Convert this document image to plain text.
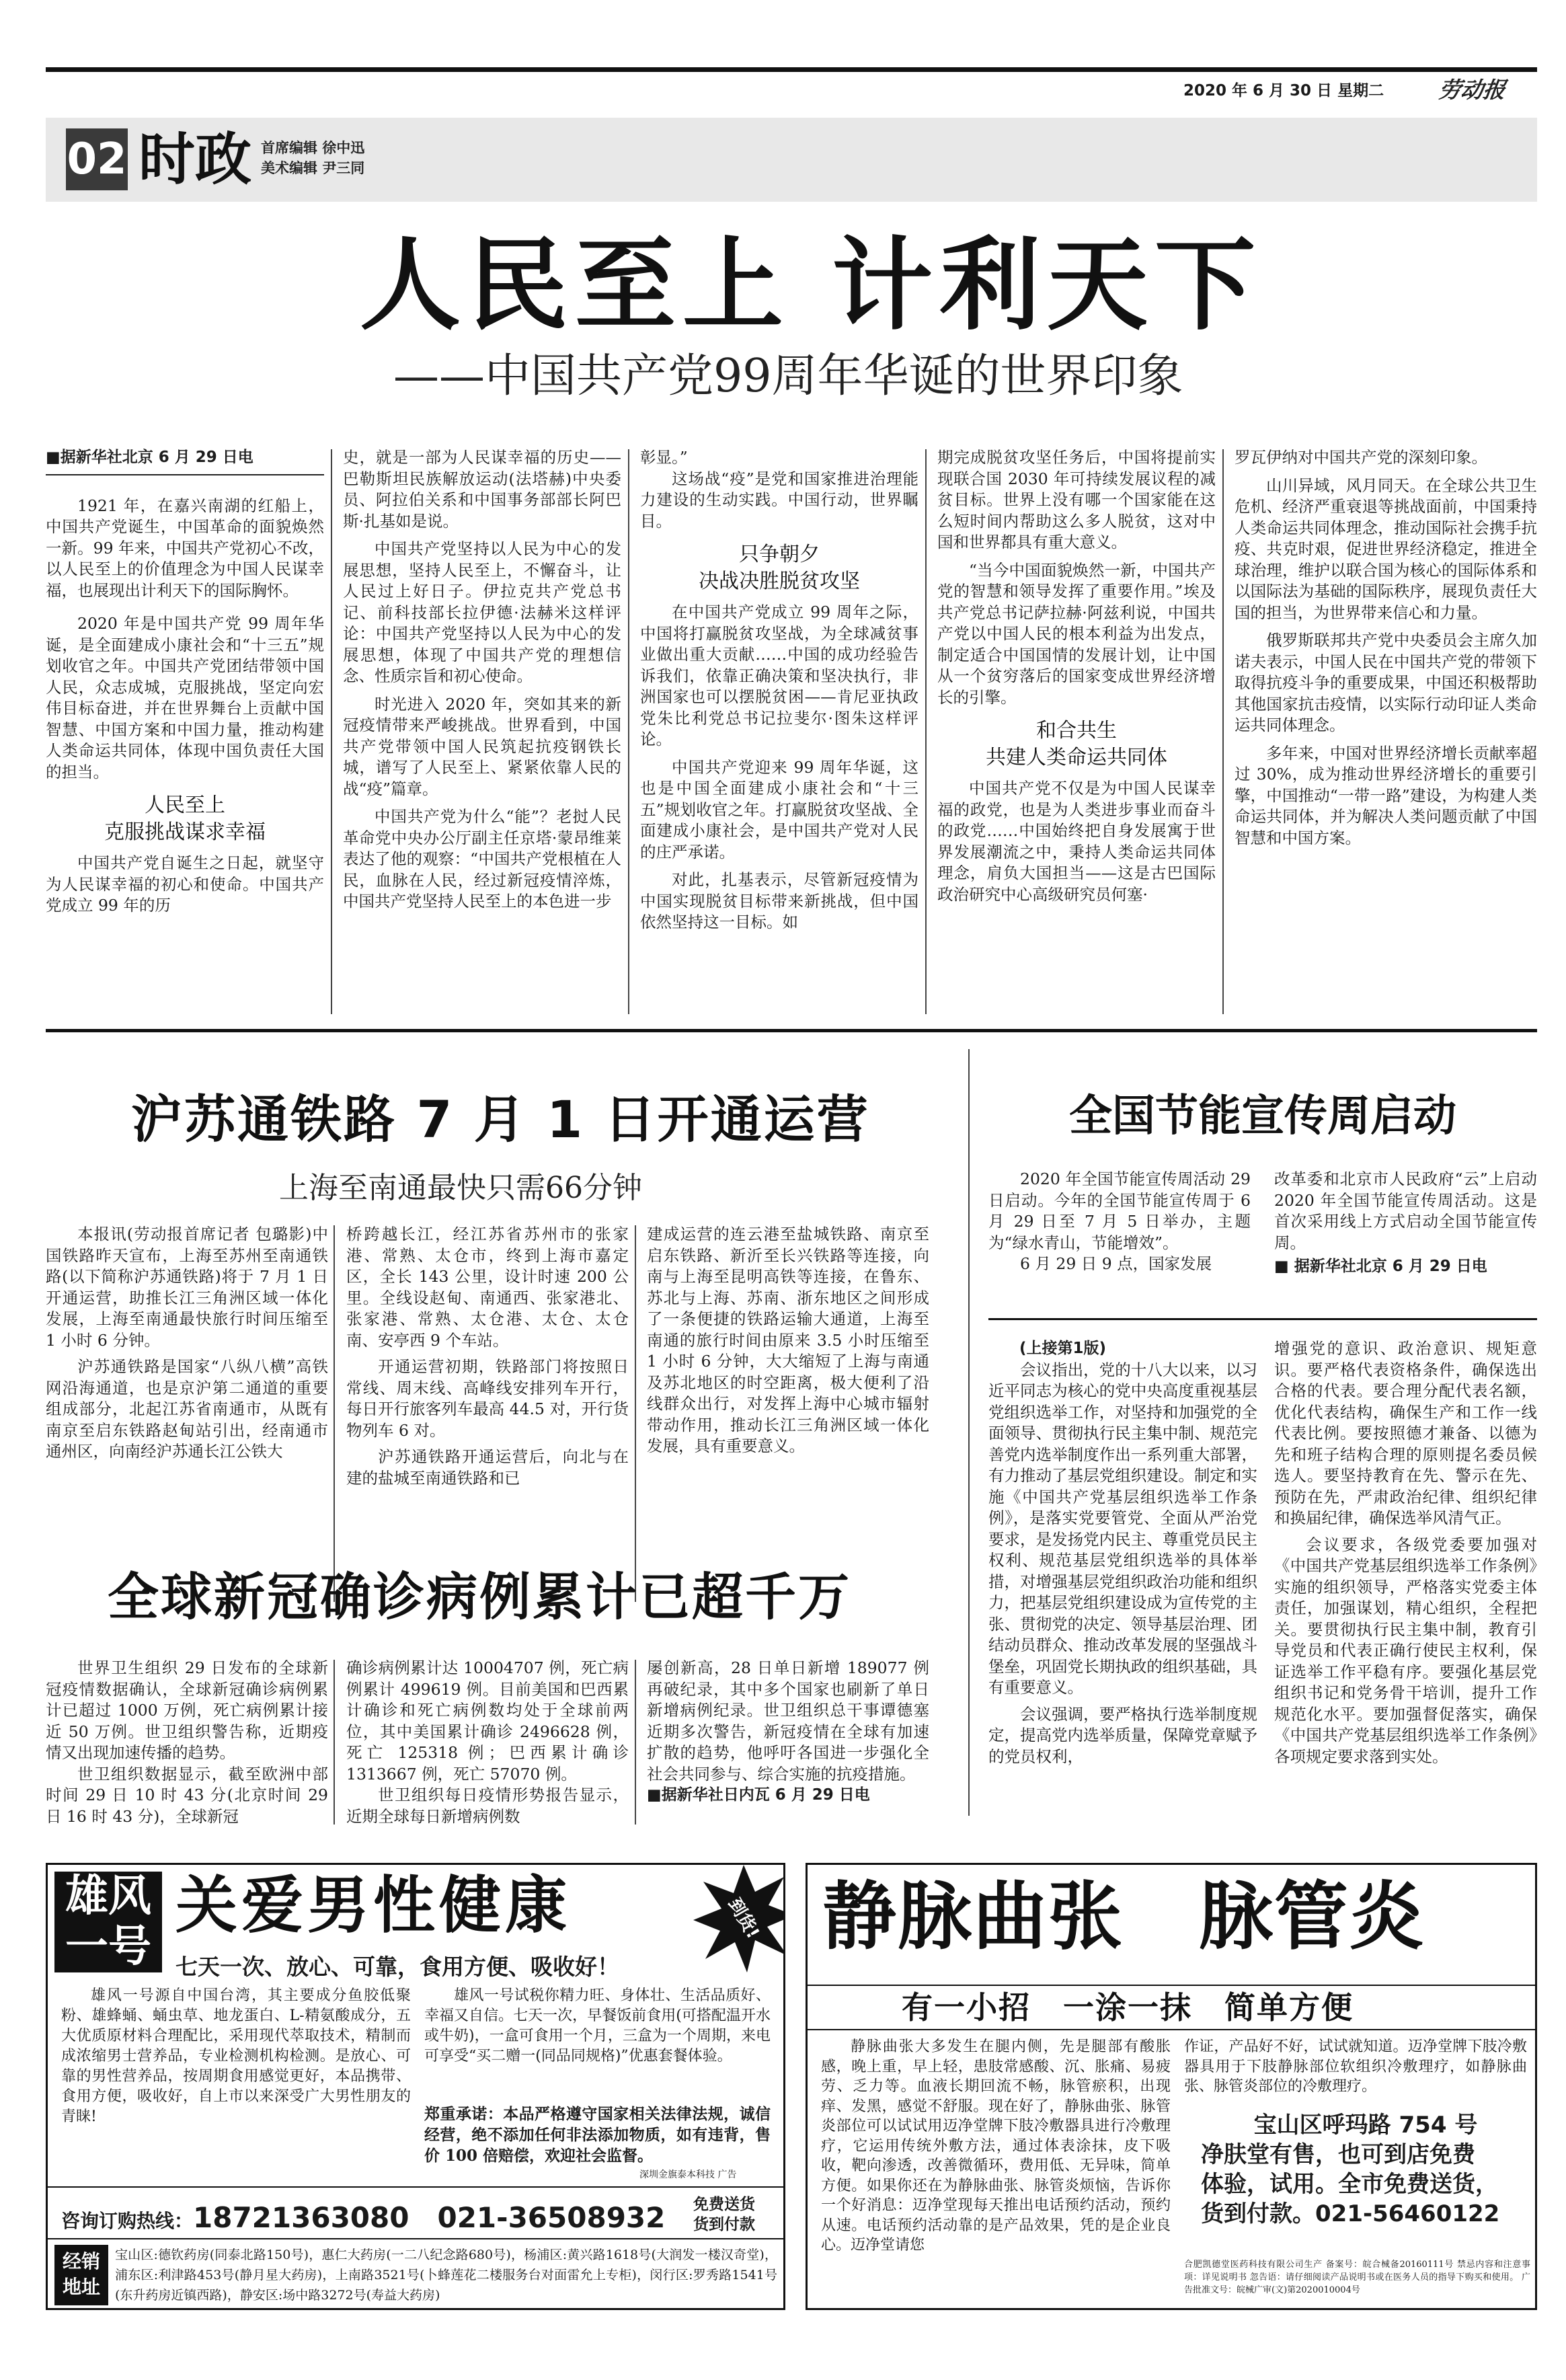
2020 年 6 月 30 日 星期二 劳动报
02 时政 首席编辑 徐中迅
美术编辑 尹三同
人民至上 计利天下
——中国共产党99周年华诞的世界印象
■据新华社北京 6 月 29 日电

1921 年，在嘉兴南湖的红船上，中国共产党诞生，中国革命的面貌焕然一新。99 年来，中国共产党初心不改，以人民至上的价值理念为中国人民谋幸福，也展现出计利天下的国际胸怀。

2020 年是中国共产党 99 周年华诞，是全面建成小康社会和“十三五”规划收官之年。中国共产党团结带领中国人民，众志成城，克服挑战，坚定向宏伟目标奋进，并在世界舞台上贡献中国智慧、中国方案和中国力量，推动构建人类命运共同体，体现中国负责任大国的担当。

人民至上
克服挑战谋求幸福

中国共产党自诞生之日起，就坚守为人民谋幸福的初心和使命。中国共产党成立 99 年的历

史，就是一部为人民谋幸福的历史——巴勒斯坦民族解放运动(法塔赫)中央委员、阿拉伯关系和中国事务部部长阿巴斯·扎基如是说。

中国共产党坚持以人民为中心的发展思想，坚持人民至上，不懈奋斗，让人民过上好日子。伊拉克共产党总书记、前科技部长拉伊德·法赫米这样评论：中国共产党坚持以人民为中心的发展思想，体现了中国共产党的理想信念、性质宗旨和初心使命。

时光进入 2020 年，突如其来的新冠疫情带来严峻挑战。世界看到，中国共产党带领中国人民筑起抗疫钢铁长城，谱写了人民至上、紧紧依靠人民的战“疫”篇章。

中国共产党为什么“能”？老挝人民革命党中央办公厅副主任京塔·蒙昂维莱表达了他的观察：“中国共产党根植在人民，血脉在人民，经过新冠疫情淬炼，中国共产党坚持人民至上的本色进一步

彰显。”

这场战“疫”是党和国家推进治理能力建设的生动实践。中国行动，世界瞩目。

只争朝夕
决战决胜脱贫攻坚

在中国共产党成立 99 周年之际，中国将打赢脱贫攻坚战，为全球减贫事业做出重大贡献……中国的成功经验告诉我们，依靠正确决策和坚决执行，非洲国家也可以摆脱贫困——肯尼亚执政党朱比利党总书记拉斐尔·图朱这样评论。

中国共产党迎来 99 周年华诞，这也是中国全面建成小康社会和“十三五”规划收官之年。打赢脱贫攻坚战、全面建成小康社会，是中国共产党对人民的庄严承诺。

对此，扎基表示，尽管新冠疫情为中国实现脱贫目标带来新挑战，但中国依然坚持这一目标。如

期完成脱贫攻坚任务后，中国将提前实现联合国 2030 年可持续发展议程的减贫目标。世界上没有哪一个国家能在这么短时间内帮助这么多人脱贫，这对中国和世界都具有重大意义。

“当今中国面貌焕然一新，中国共产党的智慧和领导发挥了重要作用。”埃及共产党总书记萨拉赫·阿兹利说，中国共产党以中国人民的根本利益为出发点，制定适合中国国情的发展计划，让中国从一个贫穷落后的国家变成世界经济增长的引擎。

和合共生
共建人类命运共同体

中国共产党不仅是为中国人民谋幸福的政党，也是为人类进步事业而奋斗的政党……中国始终把自身发展寓于世界发展潮流之中，秉持人类命运共同体理念，肩负大国担当——这是古巴国际政治研究中心高级研究员何塞·

罗瓦伊纳对中国共产党的深刻印象。

山川异域，风月同天。在全球公共卫生危机、经济严重衰退等挑战面前，中国秉持人类命运共同体理念，推动国际社会携手抗疫、共克时艰，促进世界经济稳定，推进全球治理，维护以联合国为核心的国际体系和以国际法为基础的国际秩序，展现负责任大国的担当，为世界带来信心和力量。

俄罗斯联邦共产党中央委员会主席久加诺夫表示，中国人民在中国共产党的带领下取得抗疫斗争的重要成果，中国还积极帮助其他国家抗击疫情，以实际行动印证人类命运共同体理念。

多年来，中国对世界经济增长贡献率超过 30%，成为推动世界经济增长的重要引擎，中国推动“一带一路”建设，为构建人类命运共同体，并为解决人类问题贡献了中国智慧和中国方案。

沪苏通铁路 7 月 1 日开通运营
上海至南通最快只需66分钟

本报讯(劳动报首席记者 包璐影)中国铁路昨天宣布，上海至苏州至南通铁路(以下简称沪苏通铁路)将于 7 月 1 日开通运营，助推长江三角洲区域一体化发展，上海至南通最快旅行时间压缩至 1 小时 6 分钟。

沪苏通铁路是国家“八纵八横”高铁网沿海通道，也是京沪第二通道的重要组成部分，北起江苏省南通市，从既有南京至启东铁路赵甸站引出，经南通市通州区，向南经沪苏通长江公铁大

桥跨越长江，经江苏省苏州市的张家港、常熟、太仓市，终到上海市嘉定区，全长 143 公里，设计时速 200 公里。全线设赵甸、南通西、张家港北、张家港、常熟、太仓港、太仓、太仓南、安亭西 9 个车站。

开通运营初期，铁路部门将按照日常线、周末线、高峰线安排列车开行，每日开行旅客列车最高 44.5 对，开行货物列车 6 对。

沪苏通铁路开通运营后，向北与在建的盐城至南通铁路和已

建成运营的连云港至盐城铁路、南京至启东铁路、新沂至长兴铁路等连接，向南与上海至昆明高铁等连接，在鲁东、苏北与上海、苏南、浙东地区之间形成了一条便捷的铁路运输大通道，上海至南通的旅行时间由原来 3.5 小时压缩至 1 小时 6 分钟，大大缩短了上海与南通及苏北地区的时空距离，极大便利了沿线群众出行，对发挥上海中心城市辐射带动作用，推动长江三角洲区域一体化发展，具有重要意义。

全国节能宣传周启动

2020 年全国节能宣传周活动 29 日启动。今年的全国节能宣传周于 6 月 29 日至 7 月 5 日举办，主题为“绿水青山，节能增效”。

6 月 29 日 9 点，国家发展

改革委和北京市人民政府“云”上启动 2020 年全国节能宣传周活动。这是首次采用线上方式启动全国节能宣传周。

■ 据新华社北京 6 月 29 日电
(上接第1版)

会议指出，党的十八大以来，以习近平同志为核心的党中央高度重视基层党组织选举工作，对坚持和加强党的全面领导、贯彻执行民主集中制、规范完善党内选举制度作出一系列重大部署，有力推动了基层党组织建设。制定和实施《中国共产党基层组织选举工作条例》，是落实党要管党、全面从严治党要求，是发扬党内民主、尊重党员民主权利、规范基层党组织选举的具体举措，对增强基层党组织政治功能和组织力，把基层党组织建设成为宣传党的主张、贯彻党的决定、领导基层治理、团结动员群众、推动改革发展的坚强战斗堡垒，巩固党长期执政的组织基础，具有重要意义。

会议强调，要严格执行选举制度规定，提高党内选举质量，保障党章赋予的党员权利，

增强党的意识、政治意识、规矩意识。要严格代表资格条件，确保选出合格的代表。要合理分配代表名额，优化代表结构，确保生产和工作一线代表比例。要按照德才兼备、以德为先和班子结构合理的原则提名委员候选人。要坚持教育在先、警示在先、预防在先，严肃政治纪律、组织纪律和换届纪律，确保选举风清气正。

会议要求，各级党委要加强对《中国共产党基层组织选举工作条例》实施的组织领导，严格落实党委主体责任，加强谋划，精心组织，全程把关。要贯彻执行民主集中制，教育引导党员和代表正确行使民主权利，保证选举工作平稳有序。要强化基层党组织书记和党务骨干培训，提升工作规范化水平。要加强督促落实，确保《中国共产党基层组织选举工作条例》各项规定要求落到实处。

全球新冠确诊病例累计已超千万

世界卫生组织 29 日发布的全球新冠疫情数据确认，全球新冠确诊病例累计已超过 1000 万例，死亡病例累计接近 50 万例。世卫组织警告称，近期疫情又出现加速传播的趋势。

世卫组织数据显示，截至欧洲中部时间 29 日 10 时 43 分(北京时间 29 日 16 时 43 分)，全球新冠

确诊病例累计达 10004707 例，死亡病例累计 499619 例。目前美国和巴西累计确诊和死亡病例数均处于全球前两位，其中美国累计确诊 2496628 例，死亡 125318 例；巴西累计确诊 1313667 例，死亡 57070 例。

世卫组织每日疫情形势报告显示，近期全球每日新增病例数

屡创新高，28 日单日新增 189077 例再破纪录，其中多个国家也刷新了单日新增病例纪录。世卫组织总干事谭德塞近期多次警告，新冠疫情在全球有加速扩散的趋势，他呼吁各国进一步强化全社会共同参与、综合实施的抗疫措施。

■据新华社日内瓦 6 月 29 日电
雄风
一号
关爱男性健康	到货!
七天一次、放心、可靠，食用方便、吸收好！
雄风一号源自中国台湾，其主要成分鱼胶低聚粉、雄蜂蛹、蛹虫草、地龙蛋白、L-精氨酸成分，五大优质原材料合理配比，采用现代萃取技术，精制而成浓缩男士营养品，专业检测机构检测。是放心、可靠的男性营养品，按周期食用感觉更好，本品携带、食用方便，吸收好，自上市以来深受广大男性朋友的青睐!
雄风一号试税你精力旺、身体壮、生活品质好、幸福又自信。七天一次，早餐饭前食用(可搭配温开水或牛奶)，一盒可食用一个月，三盒为一个周期，来电可享受“买二赠一(同品同规格)”优惠套餐体验。
郑重承诺：本品严格遵守国家相关法律法规，诚信经营，绝不添加任何非法添加物质，如有违背，售价 100 倍赔偿，欢迎社会监督。
深圳金旗泰本科技 广告
咨询订购热线：18721363080　021-36508932 免费送货
货到付款
经销
地址
宝山区:德钦药房(同泰北路150号)，惠仁大药房(一二八纪念路680号)，杨浦区:黄兴路1618号(大润发一楼汉奇堂)，浦东区:利津路453号(静月星大药房)，上南路3521号(卜蜂莲花二楼服务台对面雷允上专柜)，闵行区:罗秀路1541号(东升药房近镇西路)，静安区:场中路3272号(寿益大药房)
静脉曲张　脉管炎
有一小招　一涂一抹　简单方便
静脉曲张大多发生在腿内侧，先是腿部有酸胀感，晚上重，早上轻，患肢常感酸、沉、胀痛、易疲劳、乏力等。血液长期回流不畅，脉管瘀积，出现痒、发黑，感觉不舒服。现在好了，静脉曲张、脉管炎部位可以试试用迈净堂牌下肢冷敷器具进行冷敷理疗，它运用传统外敷方法，通过体表涂抹，皮下吸收，靶向渗透，改善微循环，费用低、无异味，简单方便。如果你还在为静脉曲张、脉管炎烦恼，告诉你一个好消息：迈净堂现每天推出电话预约活动，预约从速。电话预约活动靠的是产品效果，凭的是企业良心。迈净堂请您
作证，产品好不好，试试就知道。迈净堂牌下肢冷敷器具用于下肢静脉部位软组织冷敷理疗，如静脉曲张、脉管炎部位的冷敷理疗。
宝山区呼玛路 754 号
净肤堂有售，也可到店免费
体验，试用。全市免费送货，
货到付款。021-56460122
合肥凯德堂医药科技有限公司生产 备案号：皖合械备20160111号 禁忌内容和注意事项：详见说明书 忽告语：请仔细阅读产品说明书或在医务人员的指导下购买和使用。 广告批准文号：皖械广审(文)第2020010004号
